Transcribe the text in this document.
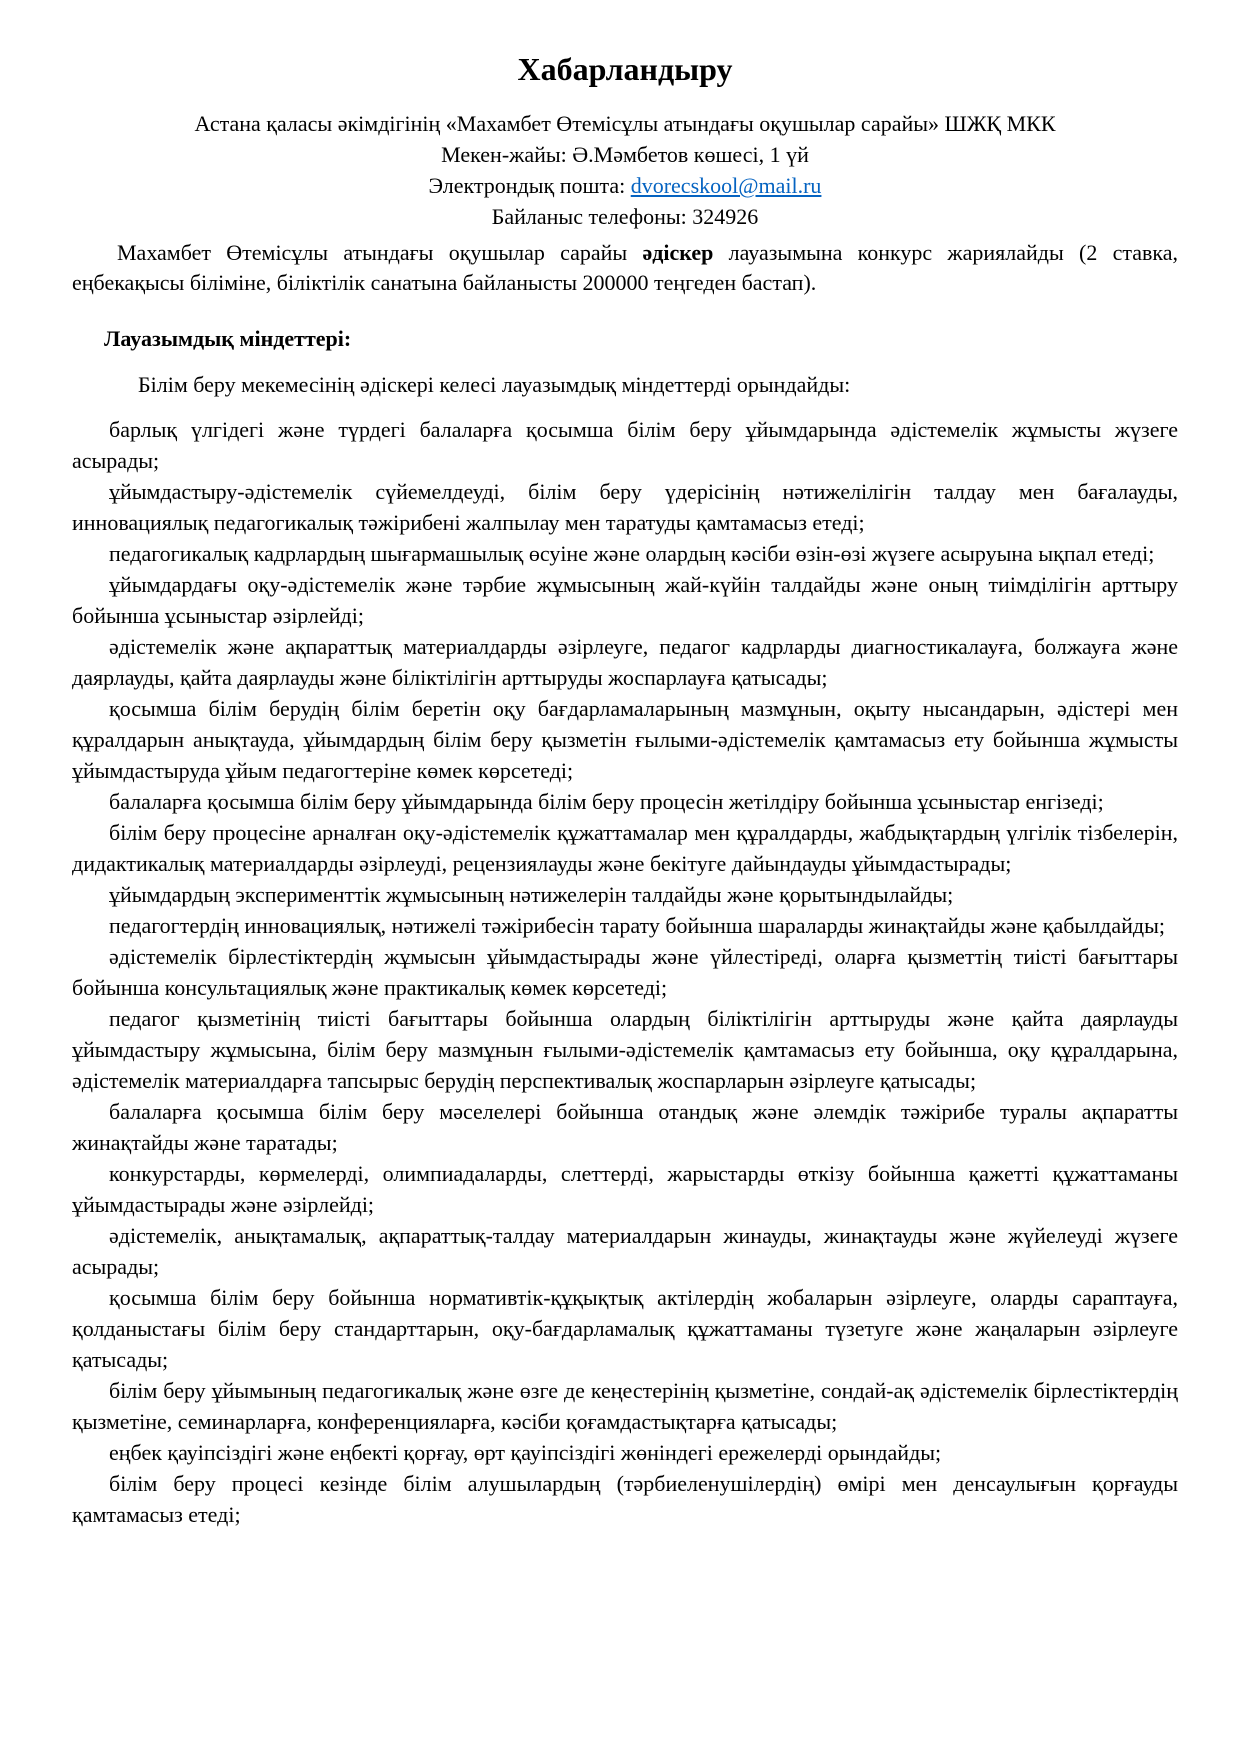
Хабарландыру

Астана қаласы әкімдігінің «Махамбет Өтемісұлы атындағы оқушылар сарайы» ШЖҚ МКК

Мекен-жайы: Ә.Мәмбетов көшесі, 1 үй

Электрондық пошта: dvorecskool@mail.ru

Байланыс телефоны: 324926

Махамбет Өтемісұлы атындағы оқушылар сарайы әдіскер лауазымына конкурс жариялайды (2 ставка, еңбекақысы біліміне, біліктілік санатына байланысты 200000 теңгеден бастап).

Лауазымдық міндеттері:

Білім беру мекемесінің әдіскері келесі лауазымдық міндеттерді орындайды:

барлық үлгідегі және түрдегі балаларға қосымша білім беру ұйымдарында әдістемелік жұмысты жүзеге асырады;

ұйымдастыру-әдістемелік сүйемелдеуді, білім беру үдерісінің нәтижелілігін талдау мен бағалауды, инновациялық педагогикалық тәжірибені жалпылау мен таратуды қамтамасыз етеді;

педагогикалық кадрлардың шығармашылық өсуіне және олардың кәсіби өзін-өзі жүзеге асыруына ықпал етеді;

ұйымдардағы оқу-әдістемелік және тәрбие жұмысының жай-күйін талдайды және оның тиімділігін арттыру бойынша ұсыныстар әзірлейді;

әдістемелік және ақпараттық материалдарды әзірлеуге, педагог кадрларды диагностикалауға, болжауға және даярлауды, қайта даярлауды және біліктілігін арттыруды жоспарлауға қатысады;

қосымша білім берудің білім беретін оқу бағдарламаларының мазмұнын, оқыту нысандарын, әдістері мен құралдарын анықтауда, ұйымдардың білім беру қызметін ғылыми-әдістемелік қамтамасыз ету бойынша жұмысты ұйымдастыруда ұйым педагогтеріне көмек көрсетеді;

балаларға қосымша білім беру ұйымдарында білім беру процесін жетілдіру бойынша ұсыныстар енгізеді;

білім беру процесіне арналған оқу-әдістемелік құжаттамалар мен құралдарды, жабдықтардың үлгілік тізбелерін, дидактикалық материалдарды әзірлеуді, рецензиялауды және бекітуге дайындауды ұйымдастырады;

ұйымдардың эксперименттік жұмысының нәтижелерін талдайды және қорытындылайды;

педагогтердің инновациялық, нәтижелі тәжірибесін тарату бойынша шараларды жинақтайды және қабылдайды;

әдістемелік бірлестіктердің жұмысын ұйымдастырады және үйлестіреді, оларға қызметтің тиісті бағыттары бойынша консультациялық және практикалық көмек көрсетеді;

педагог қызметінің тиісті бағыттары бойынша олардың біліктілігін арттыруды және қайта даярлауды ұйымдастыру жұмысына, білім беру мазмұнын ғылыми-әдістемелік қамтамасыз ету бойынша, оқу құралдарына, әдістемелік материалдарға тапсырыс берудің перспективалық жоспарларын әзірлеуге қатысады;

балаларға қосымша білім беру мәселелері бойынша отандық және әлемдік тәжірибе туралы ақпаратты жинақтайды және таратады;

конкурстарды, көрмелерді, олимпиадаларды, слеттерді, жарыстарды өткізу бойынша қажетті құжаттаманы ұйымдастырады және әзірлейді;

әдістемелік, анықтамалық, ақпараттық-талдау материалдарын жинауды, жинақтауды және жүйелеуді жүзеге асырады;

қосымша білім беру бойынша нормативтік-құқықтық актілердің жобаларын әзірлеуге, оларды сараптауға, қолданыстағы білім беру стандарттарын, оқу-бағдарламалық құжаттаманы түзетуге және жаңаларын әзірлеуге қатысады;

білім беру ұйымының педагогикалық және өзге де кеңестерінің қызметіне, сондай-ақ әдістемелік бірлестіктердің қызметіне, семинарларға, конференцияларға, кәсіби қоғамдастықтарға қатысады;

еңбек қауіпсіздігі және еңбекті қорғау, өрт қауіпсіздігі жөніндегі ережелерді орындайды;

білім беру процесі кезінде білім алушылардың (тәрбиеленушілердің) өмірі мен денсаулығын қорғауды қамтамасыз етеді;
